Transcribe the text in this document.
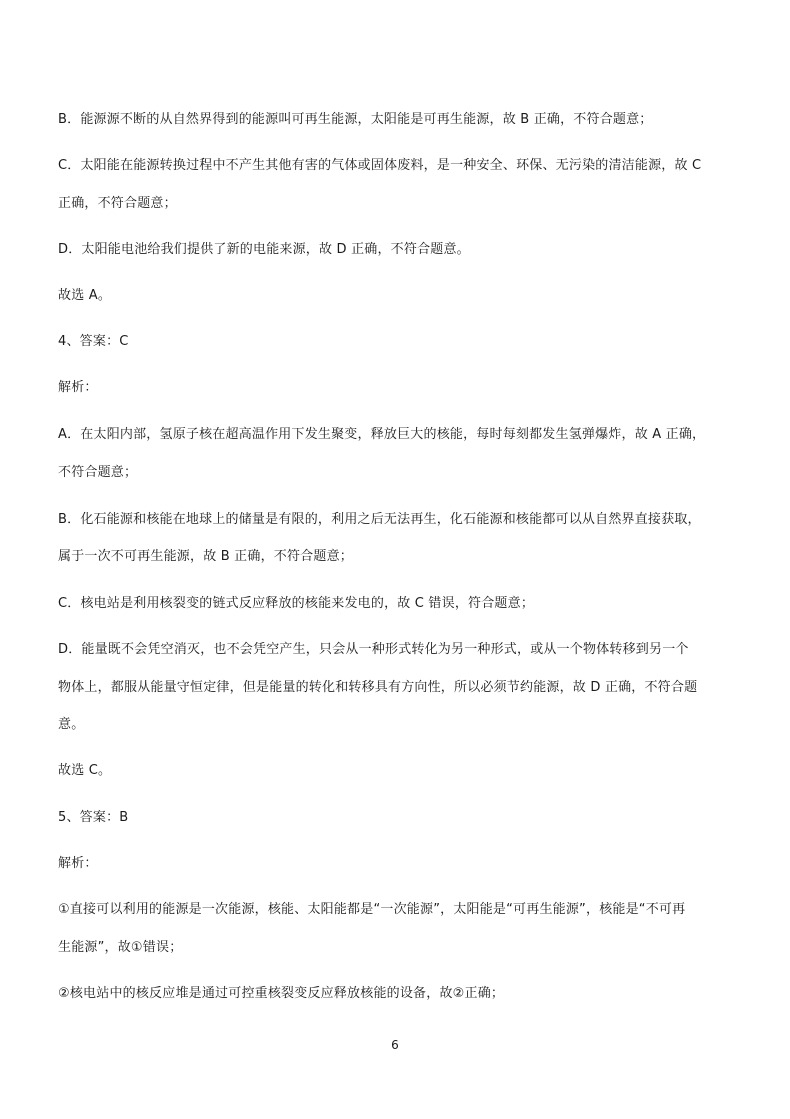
B．能源源不断的从自然界得到的能源叫可再生能源，太阳能是可再生能源，故 B 正确，不符合题意；
C．太阳能在能源转换过程中不产生其他有害的气体或固体废料，是一种安全、环保、无污染的清洁能源，故 C
正确，不符合题意；
D．太阳能电池给我们提供了新的电能来源，故 D 正确，不符合题意。
故选 A。
4、答案：C
解析：
A．在太阳内部，氢原子核在超高温作用下发生聚变，释放巨大的核能，每时每刻都发生氢弹爆炸，故 A 正确，
不符合题意；
B．化石能源和核能在地球上的储量是有限的，利用之后无法再生，化石能源和核能都可以从自然界直接获取，
属于一次不可再生能源，故 B 正确，不符合题意；
C．核电站是利用核裂变的链式反应释放的核能来发电的，故 C 错误，符合题意；
D．能量既不会凭空消灭，也不会凭空产生，只会从一种形式转化为另一种形式，或从一个物体转移到另一个
物体上，都服从能量守恒定律，但是能量的转化和转移具有方向性，所以必须节约能源，故 D 正确，不符合题
意。
故选 C。
5、答案：B
解析：
①直接可以利用的能源是一次能源，核能、太阳能都是“一次能源”，太阳能是“可再生能源”，核能是“不可再
生能源”，故①错误；
②核电站中的核反应堆是通过可控重核裂变反应释放核能的设备，故②正确；
6
